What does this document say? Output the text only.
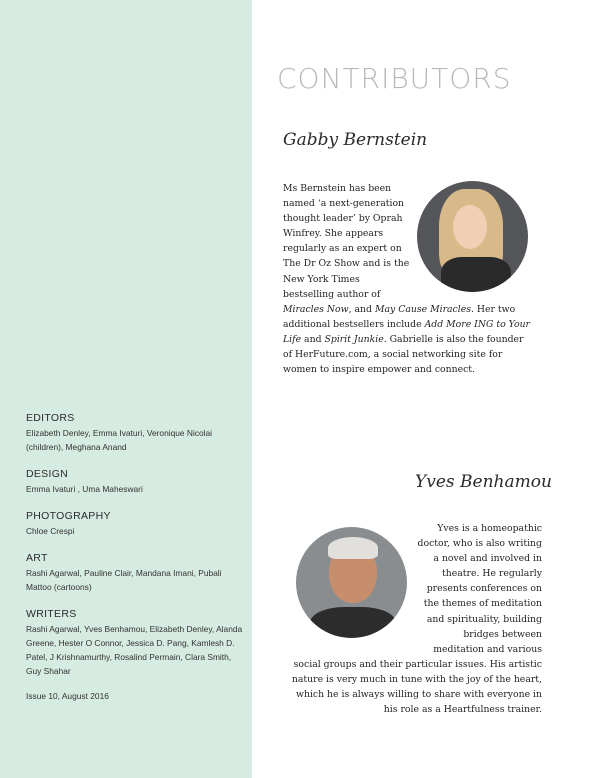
EDITORS
Elizabeth Denley, Emma Ivaturi, Veronique Nicolai (children), Meghana Anand
DESIGN
Emma Ivaturi , Uma Maheswari
PHOTOGRAPHY
Chloe Crespi
ART
Rashi Agarwal, Pauline Clair, Mandana Imani, Pubali Mattoo (cartoons)
WRITERS
Rashi Agarwal, Yves Benhamou, Elizabeth Denley, Alanda Greene, Hester O Connor, Jessica D. Pang, Kamlesh D. Patel, J Krishnamurthy, Rosalind Permain, Clara Smith, Guy Shahar
Issue 10, August 2016
CONTRIBUTORS
Gabby Bernstein
Ms Bernstein has been named ‘a next-generation thought leader’ by Oprah Winfrey. She appears regularly as an expert on The Dr Oz Show and is the New York Times bestselling author of Miracles Now, and May Cause Miracles. Her two additional bestsellers include Add More ING to Your Life and Spirit Junkie. Gabrielle is also the founder of HerFuture.com, a social networking site for women to inspire empower and connect.
Yves Benhamou
Yves is a homeopathic doctor, who is also writing a novel and involved in theatre. He regularly presents conferences on the themes of meditation and spirituality, building bridges between meditation and various social groups and their particular issues. His artistic nature is very much in tune with the joy of the heart, which he is always willing to share with everyone in his role as a Heartfulness trainer.
